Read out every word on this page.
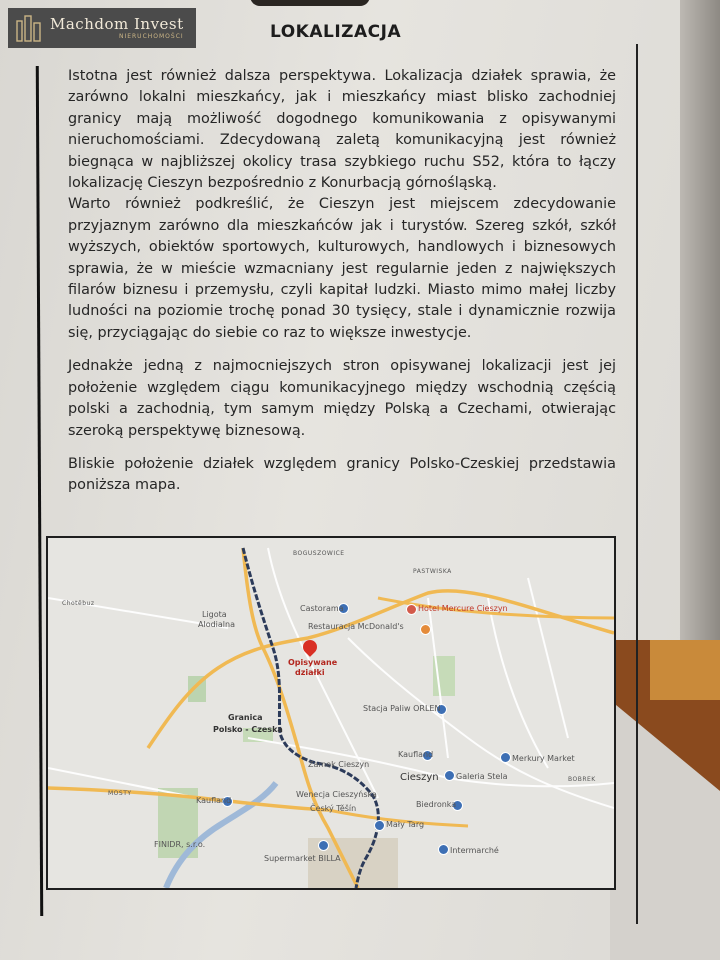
Machdom Invest
NIERUCHOMOŚCI	LOKALIZACJA

Istotna jest również dalsza perspektywa. Lokalizacja działek sprawia, że zarówno lokalni mieszkańcy, jak i mieszkańcy miast blisko zachodniej granicy mają możliwość dogodnego komunikowania z opisywanymi nieruchomościami. Zdecydowaną zaletą komunikacyjną jest również biegnąca w najbliższej okolicy trasa szybkiego ruchu S52, która to łączy lokalizację Cieszyn bezpośrednio z Konurbacją górnośląską.

Warto również podkreślić, że Cieszyn jest miejscem zdecydowanie przyjaznym zarówno dla mieszkańców jak i turystów. Szereg szkół, szkół wyższych, obiektów sportowych, kulturowych, handlowych i biznesowych sprawia, że w mieście wzmacniany jest regularnie jeden z największych filarów biznesu i przemysłu, czyli kapitał ludzki. Miasto mimo małej liczby ludności na poziomie trochę ponad 30 tysięcy, stale i dynamicznie rozwija się, przyciągając do siebie co raz to większe inwestycje.

Jednakże jedną z najmocniejszych stron opisywanej lokalizacji jest jej położenie względem ciągu komunikacyjnego między wschodnią częścią polski a zachodnią, tym samym między Polską a Czechami, otwierając szeroką perspektywę biznesową.

Bliskie położenie działek względem granicy Polsko-Czeskiej przedstawia poniższa mapa.

Opisywane
działki
Granica
Polsko - Czeska
BOGUSZOWICE
PASTWISKA
Ligota
Alodialna
Chotěbuz
Castorama	Hotel Mercure Cieszyn
Restauracja McDonald's
Stacja Paliw ORLEN
Kaufland	Merkury Market
Zamek Cieszyn
Galeria Stela
Cieszyn	BOBREK
MOSTY
Kaufland
Wenecja Cieszyńska
Český Těšín	Biedronka
Mały Targ
Intermarché
FINIDR, s.r.o.
Supermarket BILLA
